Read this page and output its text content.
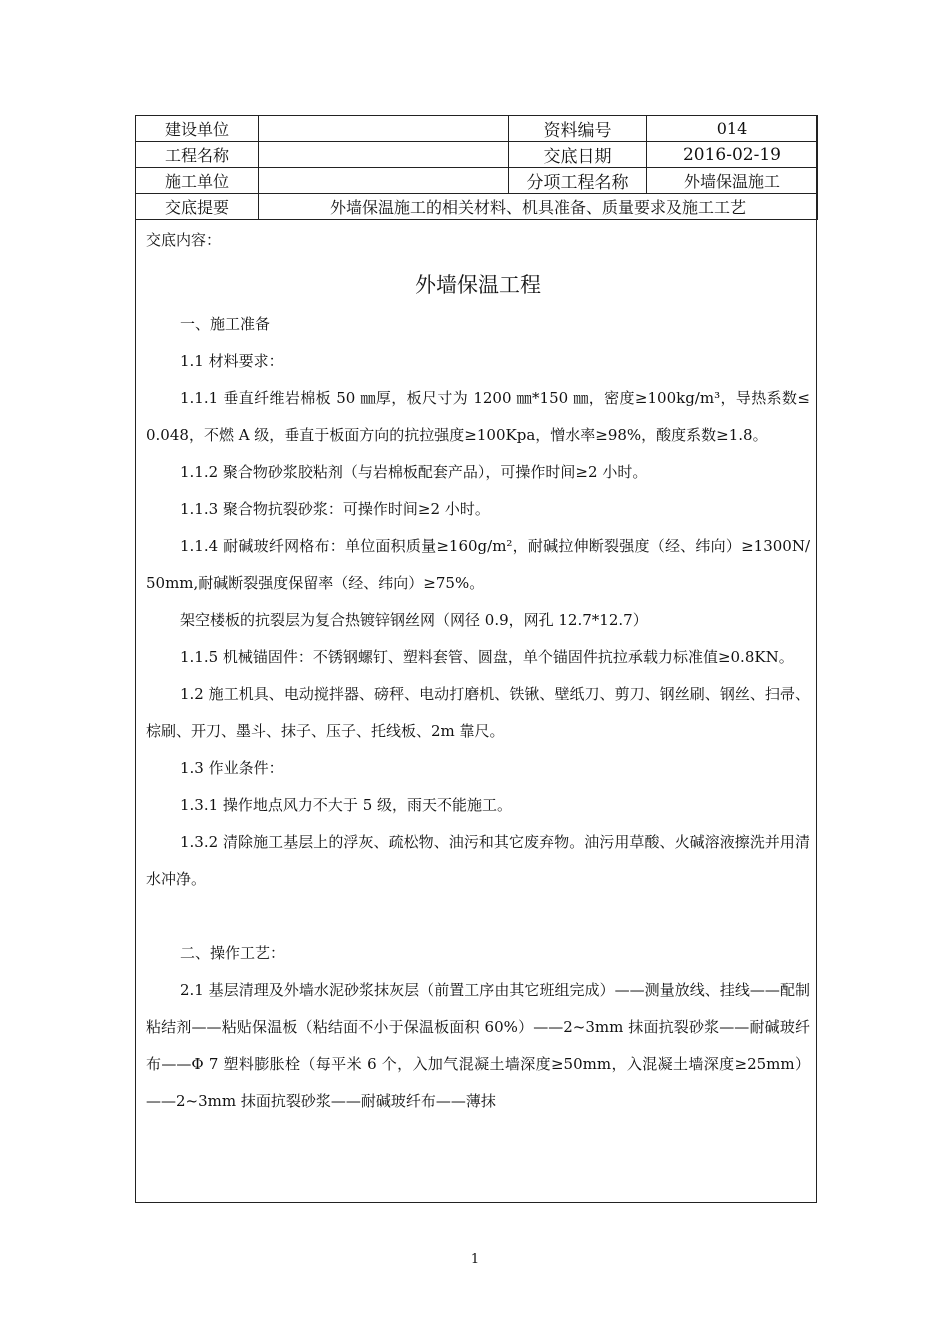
建设单位		资料编号	014
工程名称		交底日期	2016-02-19
施工单位		分项工程名称	外墙保温施工
交底提要	外墙保温施工的相关材料、机具准备、质量要求及施工工艺		

交底内容：

外墙保温工程

一、施工准备

1.1 材料要求：

1.1.1 垂直纤维岩棉板 50 ㎜厚，板尺寸为 1200 ㎜*150 ㎜，密度≥100kg/m³，导热系数≤0.048，不燃 A 级，垂直于板面方向的抗拉强度≥100Kpa，憎水率≥98%，酸度系数≥1.8。

1.1.2 聚合物砂浆胶粘剂（与岩棉板配套产品），可操作时间≥2 小时。

1.1.3 聚合物抗裂砂浆：可操作时间≥2 小时。

1.1.4 耐碱玻纤网格布：单位面积质量≥160g/m²，耐碱拉伸断裂强度（经、纬向）≥1300N/50mm,耐碱断裂强度保留率（经、纬向）≥75%。

架空楼板的抗裂层为复合热镀锌钢丝网（网径 0.9，网孔 12.7*12.7）

1.1.5 机械锚固件：不锈钢螺钉、塑料套管、圆盘，单个锚固件抗拉承载力标准值≥0.8KN。

1.2 施工机具、电动搅拌器、磅秤、电动打磨机、铁锹、壁纸刀、剪刀、钢丝刷、钢丝、扫帚、棕刷、开刀、墨斗、抹子、压子、托线板、2m 靠尺。

1.3 作业条件：

1.3.1 操作地点风力不大于 5 级，雨天不能施工。

1.3.2 清除施工基层上的浮灰、疏松物、油污和其它废弃物。油污用草酸、火碱溶液擦洗并用清水冲净。

二、操作工艺：

2.1 基层清理及外墙水泥砂浆抹灰层（前置工序由其它班组完成）——测量放线、挂线——配制粘结剂——粘贴保温板（粘结面不小于保温板面积 60%）——2~3mm 抹面抗裂砂浆——耐碱玻纤布——Φ 7 塑料膨胀栓（每平米 6 个，入加气混凝土墙深度≥50mm，入混凝土墙深度≥25mm）——2~3mm 抹面抗裂砂浆——耐碱玻纤布——薄抹

1
